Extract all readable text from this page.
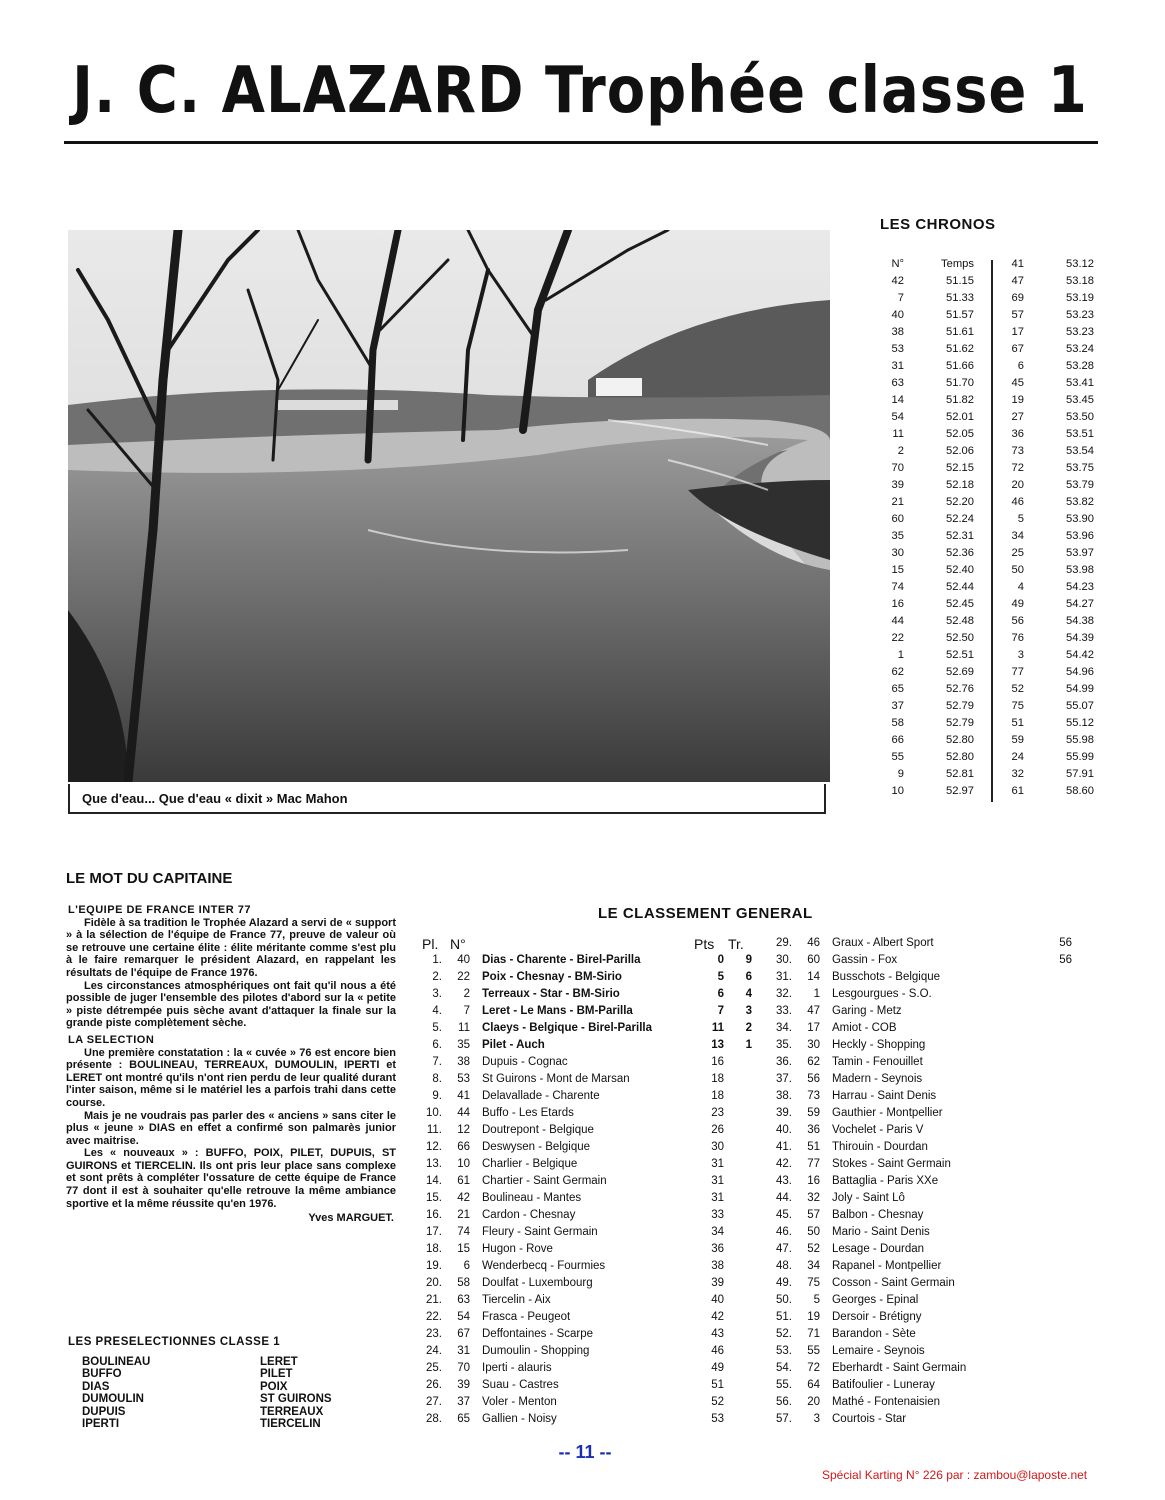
J. C. ALAZARD Trophée classe 1
Que d'eau... Que d'eau « dixit » Mac Mahon
LES CHRONOS
N°	Temps	41	53.12
42	51.15	47	53.18
7	51.33	69	53.19
40	51.57	57	53.23
38	51.61	17	53.23
53	51.62	67	53.24
31	51.66	6	53.28
63	51.70	45	53.41
14	51.82	19	53.45
54	52.01	27	53.50
11	52.05	36	53.51
2	52.06	73	53.54
70	52.15	72	53.75
39	52.18	20	53.79
21	52.20	46	53.82
60	52.24	5	53.90
35	52.31	34	53.96
30	52.36	25	53.97
15	52.40	50	53.98
74	52.44	4	54.23
16	52.45	49	54.27
44	52.48	56	54.38
22	52.50	76	54.39
1	52.51	3	54.42
62	52.69	77	54.96
65	52.76	52	54.99
37	52.79	75	55.07
58	52.79	51	55.12
66	52.80	59	55.98
55	52.80	24	55.99
9	52.81	32	57.91
10	52.97	61	58.60
LE MOT DU CAPITAINE
L'EQUIPE DE FRANCE INTER 77

Fidèle à sa tradition le Trophée Alazard a servi de « support » à la sélection de l'équipe de France 77, preuve de valeur où se retrouve une certaine élite : élite méritante comme s'est plu à le faire remarquer le président Alazard, en rappelant les résultats de l'équipe de France 1976.

Les circonstances atmosphériques ont fait qu'il nous a été possible de juger l'ensemble des pilotes d'abord sur la « petite » piste détrempée puis sèche avant d'attaquer la finale sur la grande piste complètement sèche.

LA SELECTION

Une première constatation : la « cuvée » 76 est encore bien présente : BOULINEAU, TERREAUX, DUMOULIN, IPERTI et LERET ont montré qu'ils n'ont rien perdu de leur qualité durant l'inter saison, même si le matériel les a parfois trahi dans cette course.

Mais je ne voudrais pas parler des « anciens » sans citer le plus « jeune » DIAS en effet a confirmé son palmarès junior avec maitrise.

Les « nouveaux » : BUFFO, POIX, PILET, DUPUIS, ST GUIRONS et TIERCELIN. Ils ont pris leur place sans complexe et sont prêts à compléter l'ossature de cette équipe de France 77 dont il est à souhaiter qu'elle retrouve la même ambiance sportive et la même réussite qu'en 1976.

Yves MARGUET.
LES PRESELECTIONNES CLASSE 1
BOULINEAU	LERET
BUFFO	PILET
DIAS	POIX
DUMOULIN	ST GUIRONS
DUPUIS	TERREAUX
IPERTI	TIERCELIN
LE CLASSEMENT GENERAL
Pl. N°	Pts Tr.
1.	40 Dias - Charente - Birel-Parilla	0	9
2.	22 Poix - Chesnay - BM-Sirio	5	6
3.	2 Terreaux - Star - BM-Sirio	6	4
4.	7 Leret - Le Mans - BM-Parilla	7	3
5.	11 Claeys - Belgique - Birel-Parilla	11	2
6.	35 Pilet - Auch	13	1
7.	38 Dupuis - Cognac	16
8.	53 St Guirons - Mont de Marsan	18
9.	41 Delavallade - Charente	18
10.	44 Buffo - Les Etards	23
11.	12 Doutrepont - Belgique	26
12.	66 Deswysen - Belgique	30
13.	10 Charlier - Belgique	31
14.	61 Chartier - Saint Germain	31
15.	42 Boulineau - Mantes	31
16.	21 Cardon - Chesnay	33
17.	74 Fleury - Saint Germain	34
18.	15 Hugon - Rove	36
19.	6 Wenderbecq - Fourmies	38
20.	58 Doulfat - Luxembourg	39
21.	63 Tiercelin - Aix	40
22.	54 Frasca - Peugeot	42
23.	67 Deffontaines - Scarpe	43
24.	31 Dumoulin - Shopping	46
25.	70 Iperti - alauris	49
26.	39 Suau - Castres	51
27.	37 Voler - Menton	52
28.	65 Gallien - Noisy	53
29.	46 Graux - Albert Sport	56
30.	60 Gassin - Fox	56
31.	14 Busschots - Belgique
32.	1 Lesgourgues - S.O.
33.	47 Garing - Metz
34.	17 Amiot - COB
35.	30 Heckly - Shopping
36.	62 Tamin - Fenouillet
37.	56 Madern - Seynois
38.	73 Harrau - Saint Denis
39.	59 Gauthier - Montpellier
40.	36 Vochelet - Paris V
41.	51 Thirouin - Dourdan
42.	77 Stokes - Saint Germain
43.	16 Battaglia - Paris XXe
44.	32 Joly - Saint Lô
45.	57 Balbon - Chesnay
46.	50 Mario - Saint Denis
47.	52 Lesage - Dourdan
48.	34 Rapanel - Montpellier
49.	75 Cosson - Saint Germain
50.	5 Georges - Epinal
51.	19 Dersoir - Brétigny
52.	71 Barandon - Sète
53.	55 Lemaire - Seynois
54.	72 Eberhardt - Saint Germain
55.	64 Batifoulier - Luneray
56.	20 Mathé - Fontenaisien
57.	3 Courtois - Star
-- 11 --
Spécial Karting N° 226 par : zambou@laposte.net
